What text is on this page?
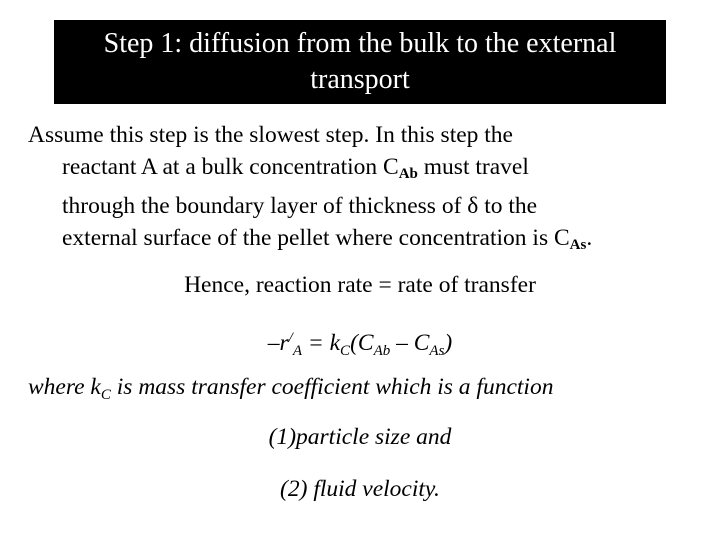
Step 1: diffusion from the bulk to the external
transport
Assume this step is the slowest step. In this step the
reactant A at a bulk concentration $C_{Ab}$ must travel
through the boundary layer of thickness of δ to the
external surface of the pellet where concentration is $C_{As}$.
Hence, reaction rate = rate of transfer
$-r^/_A = k_C(C_{Ab} - C_{As})$
where $k_C$ is mass transfer coefficient which is a function
(1)particle size and
(2) fluid velocity.
